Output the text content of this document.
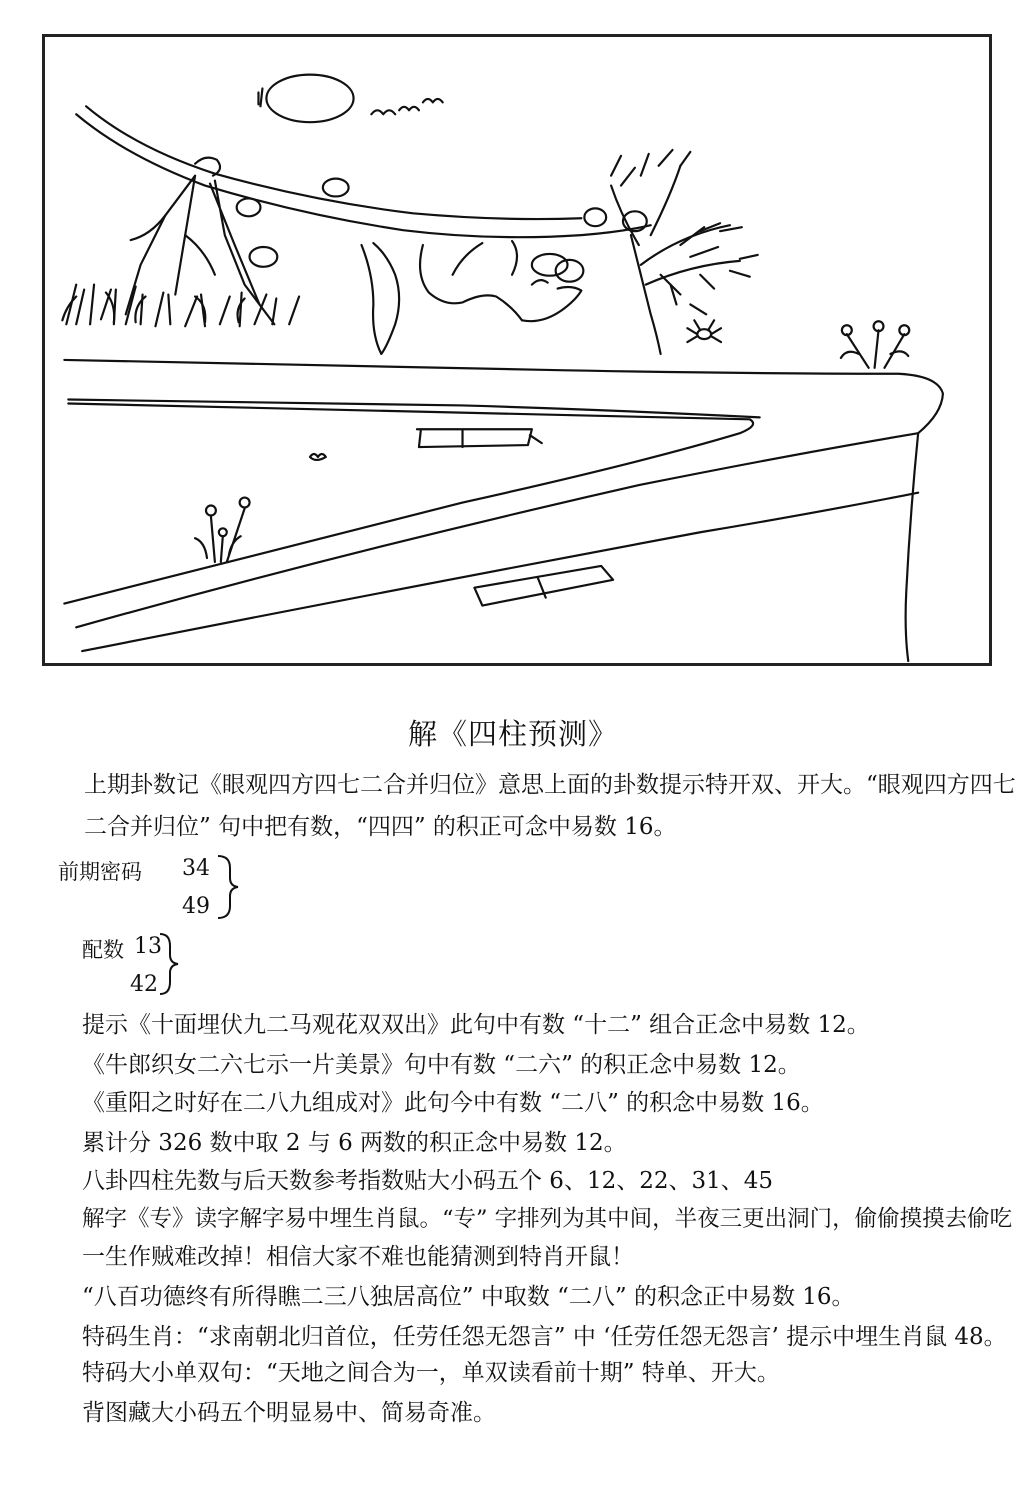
解《四柱预测》
上期卦数记《眼观四方四七二合并归位》意思上面的卦数提示特开双、开大。“眼观四方四七
二合并归位” 句中把有数，“四四” 的积正可念中易数 16。
前期密码 34
49
配数 13
42
提示《十面埋伏九二马观花双双出》此句中有数 “十二” 组合正念中易数 12。
《牛郎织女二六七示一片美景》句中有数 “二六” 的积正念中易数 12。
《重阳之时好在二八九组成对》此句今中有数 “二八” 的积念中易数 16。
累计分 326 数中取 2 与 6 两数的积正念中易数 12。
八卦四柱先数与后天数参考指数贴大小码五个 6、12、22、31、45
解字《专》读字解字易中埋生肖鼠。“专” 字排列为其中间，半夜三更出洞门，偷偷摸摸去偷吃
一生作贼难改掉！相信大家不难也能猜测到特肖开鼠！
“八百功德终有所得瞧二三八独居高位” 中取数 “二八” 的积念正中易数 16。
特码生肖：“求南朝北归首位，任劳任怨无怨言” 中 ‘任劳任怨无怨言’ 提示中埋生肖鼠 48。
特码大小单双句：“天地之间合为一，单双读看前十期” 特单、开大。
背图藏大小码五个明显易中、简易奇准。
